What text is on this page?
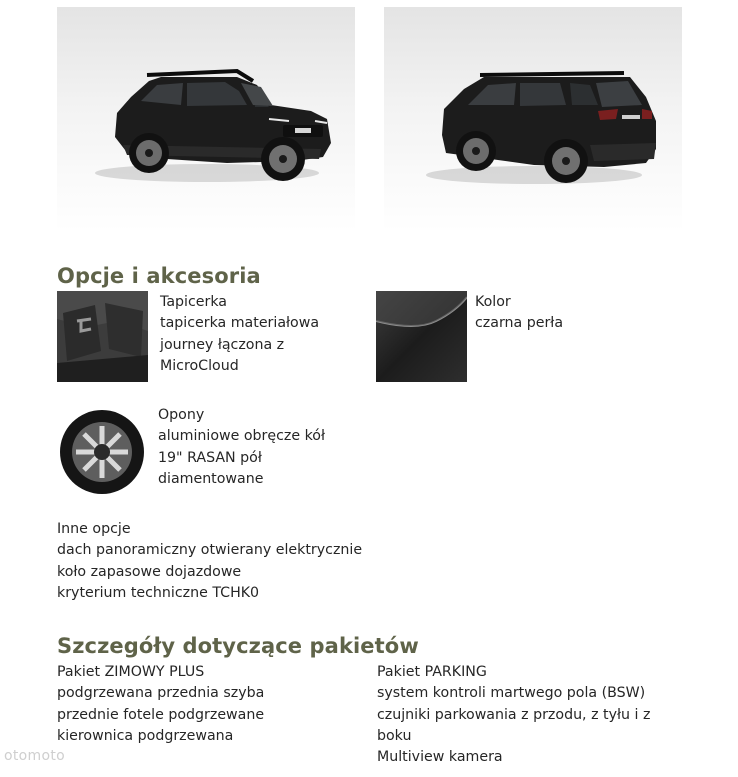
Opcje i akcesoria
Tapicerka
tapicerka materiałowa
journey łączona z
MicroCloud
Kolor
czarna perła
Opony
aluminiowe obręcze kół
19" RASAN pół
diamentowane
Inne opcje
dach panoramiczny otwierany elektrycznie
koło zapasowe dojazdowe
kryterium techniczne TCHK0
Szczegóły dotyczące pakietów
Pakiet ZIMOWY PLUS
podgrzewana przednia szyba
przednie fotele podgrzewane
kierownica podgrzewana
Pakiet PARKING
system kontroli martwego pola (BSW)
czujniki parkowania z przodu, z tyłu i z
boku
Multiview kamera
otomoto
